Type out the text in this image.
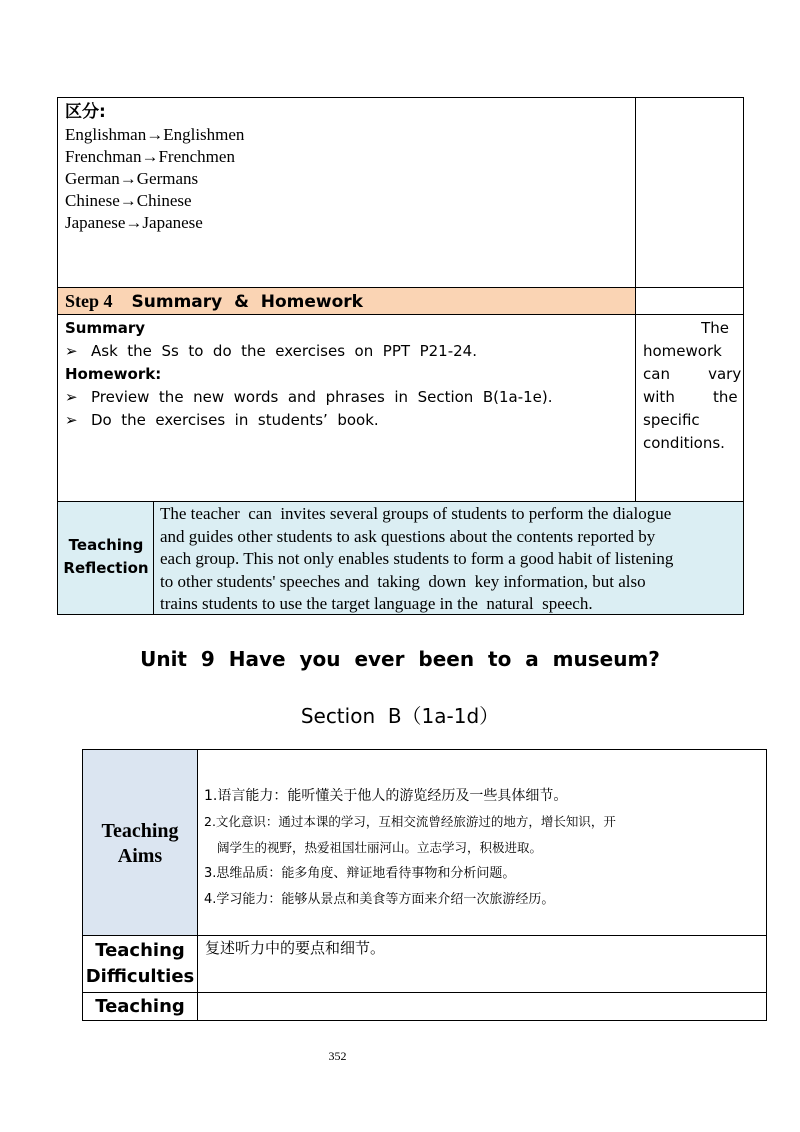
区分:
Englishman→Englishmen
Frenchman→Frenchmen
German→Germans
Chinese→Chinese
Japanese→Japanese
Step 4 Summary  &  Homework
Summary
➢ Ask  the  Ss  to  do  the  exercises  on  PPT  P21-24.
Homework:
➢ Preview  the  new  words  and  phrases  in  Section  B(1a-1e).
➢ Do  the  exercises  in  students’  book.
The
homework
can        vary
with        the
specific
conditions.
Teaching
Reflection
The teacher  can  invites several groups of students to perform the dialogue
and guides other students to ask questions about the contents reported by
each group. This not only enables students to form a good habit of listening
to other students' speeches and  taking  down  key information, but also
trains students to use the target language in the  natural  speech.
Unit  9  Have  you  ever  been  to  a  museum?
Section  B（1a-1d）
Teaching
Aims
1.语言能力：能听懂关于他人的游览经历及一些具体细节。
2.文化意识：通过本课的学习，互相交流曾经旅游过的地方，增长知识，开
阔学生的视野，热爱祖国壮丽河山。立志学习，积极进取。
3.思维品质：能多角度、辩证地看待事物和分析问题。
4.学习能力：能够从景点和美食等方面来介绍一次旅游经历。
Teaching
Difficulties
复述听力中的要点和细节。
Teaching
352
